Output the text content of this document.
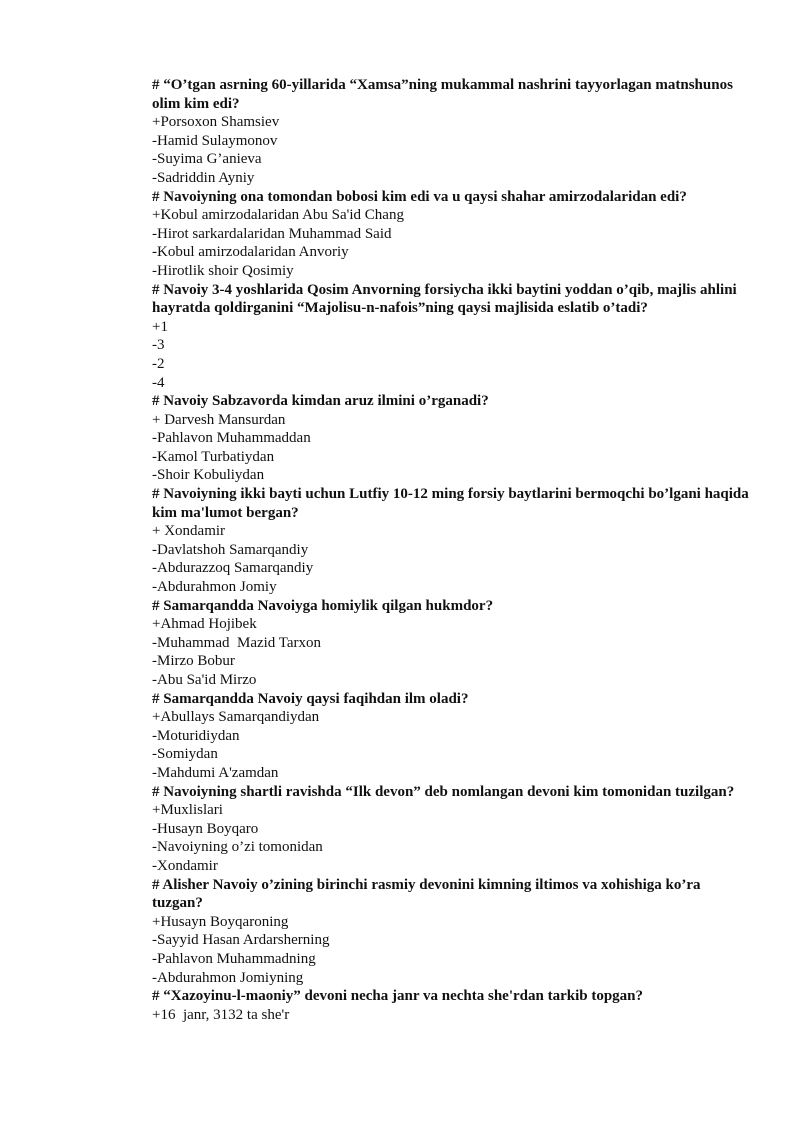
# “O’tgan asrning 60-yillarida “Xamsa”ning mukammal nashrini tayyorlagan matnshunos olim kim edi?

+Porsoxon Shamsiev

-Hamid Sulaymonov

-Suyima G’anieva

-Sadriddin Ayniy

# Navoiyning ona tomondan bobosi kim edi va u qaysi shahar amirzodalaridan edi?

+Kobul amirzodalaridan Abu Sa'id Chang

-Hirot sarkardalaridan Muhammad Said

-Kobul amirzodalaridan Anvoriy

-Hirotlik shoir Qosimiy

# Navoiy 3-4 yoshlarida Qosim Anvorning forsiycha ikki baytini yoddan o’qib, majlis ahlini hayratda qoldirganini “Majolisu-n-nafois”ning qaysi majlisida eslatib o’tadi?

+1

-3

-2

-4

# Navoiy Sabzavorda kimdan aruz ilmini o’rganadi?

+ Darvesh Mansurdan

-Pahlavon Muhammaddan

-Kamol Turbatiydan

-Shoir Kobuliydan

# Navoiyning ikki bayti uchun Lutfiy 10-12 ming forsiy baytlarini bermoqchi bo’lgani haqida kim ma'lumot bergan?

+ Xondamir

-Davlatshoh Samarqandiy

-Abdurazzoq Samarqandiy

-Abdurahmon Jomiy

# Samarqandda Navoiyga homiylik qilgan hukmdor?

+Ahmad Hojibek

-Muhammad  Mazid Tarxon

-Mirzo Bobur

-Abu Sa'id Mirzo

# Samarqandda Navoiy qaysi faqihdan ilm oladi?

+Abullays Samarqandiydan

-Moturidiydan

-Somiydan

-Mahdumi A'zamdan

# Navoiyning shartli ravishda “Ilk devon” deb nomlangan devoni kim tomonidan tuzilgan?

+Muxlislari

-Husayn Boyqaro

-Navoiyning o’zi tomonidan

-Xondamir

# Alisher Navoiy o’zining birinchi rasmiy devonini kimning iltimos va xohishiga ko’ra tuzgan?

+Husayn Boyqaroning

-Sayyid Hasan Ardarsherning

-Pahlavon Muhammadning

-Abdurahmon Jomiyning

# “Xazoyinu-l-maoniy” devoni necha janr va nechta she'rdan tarkib topgan?

+16  janr, 3132 ta she'r
